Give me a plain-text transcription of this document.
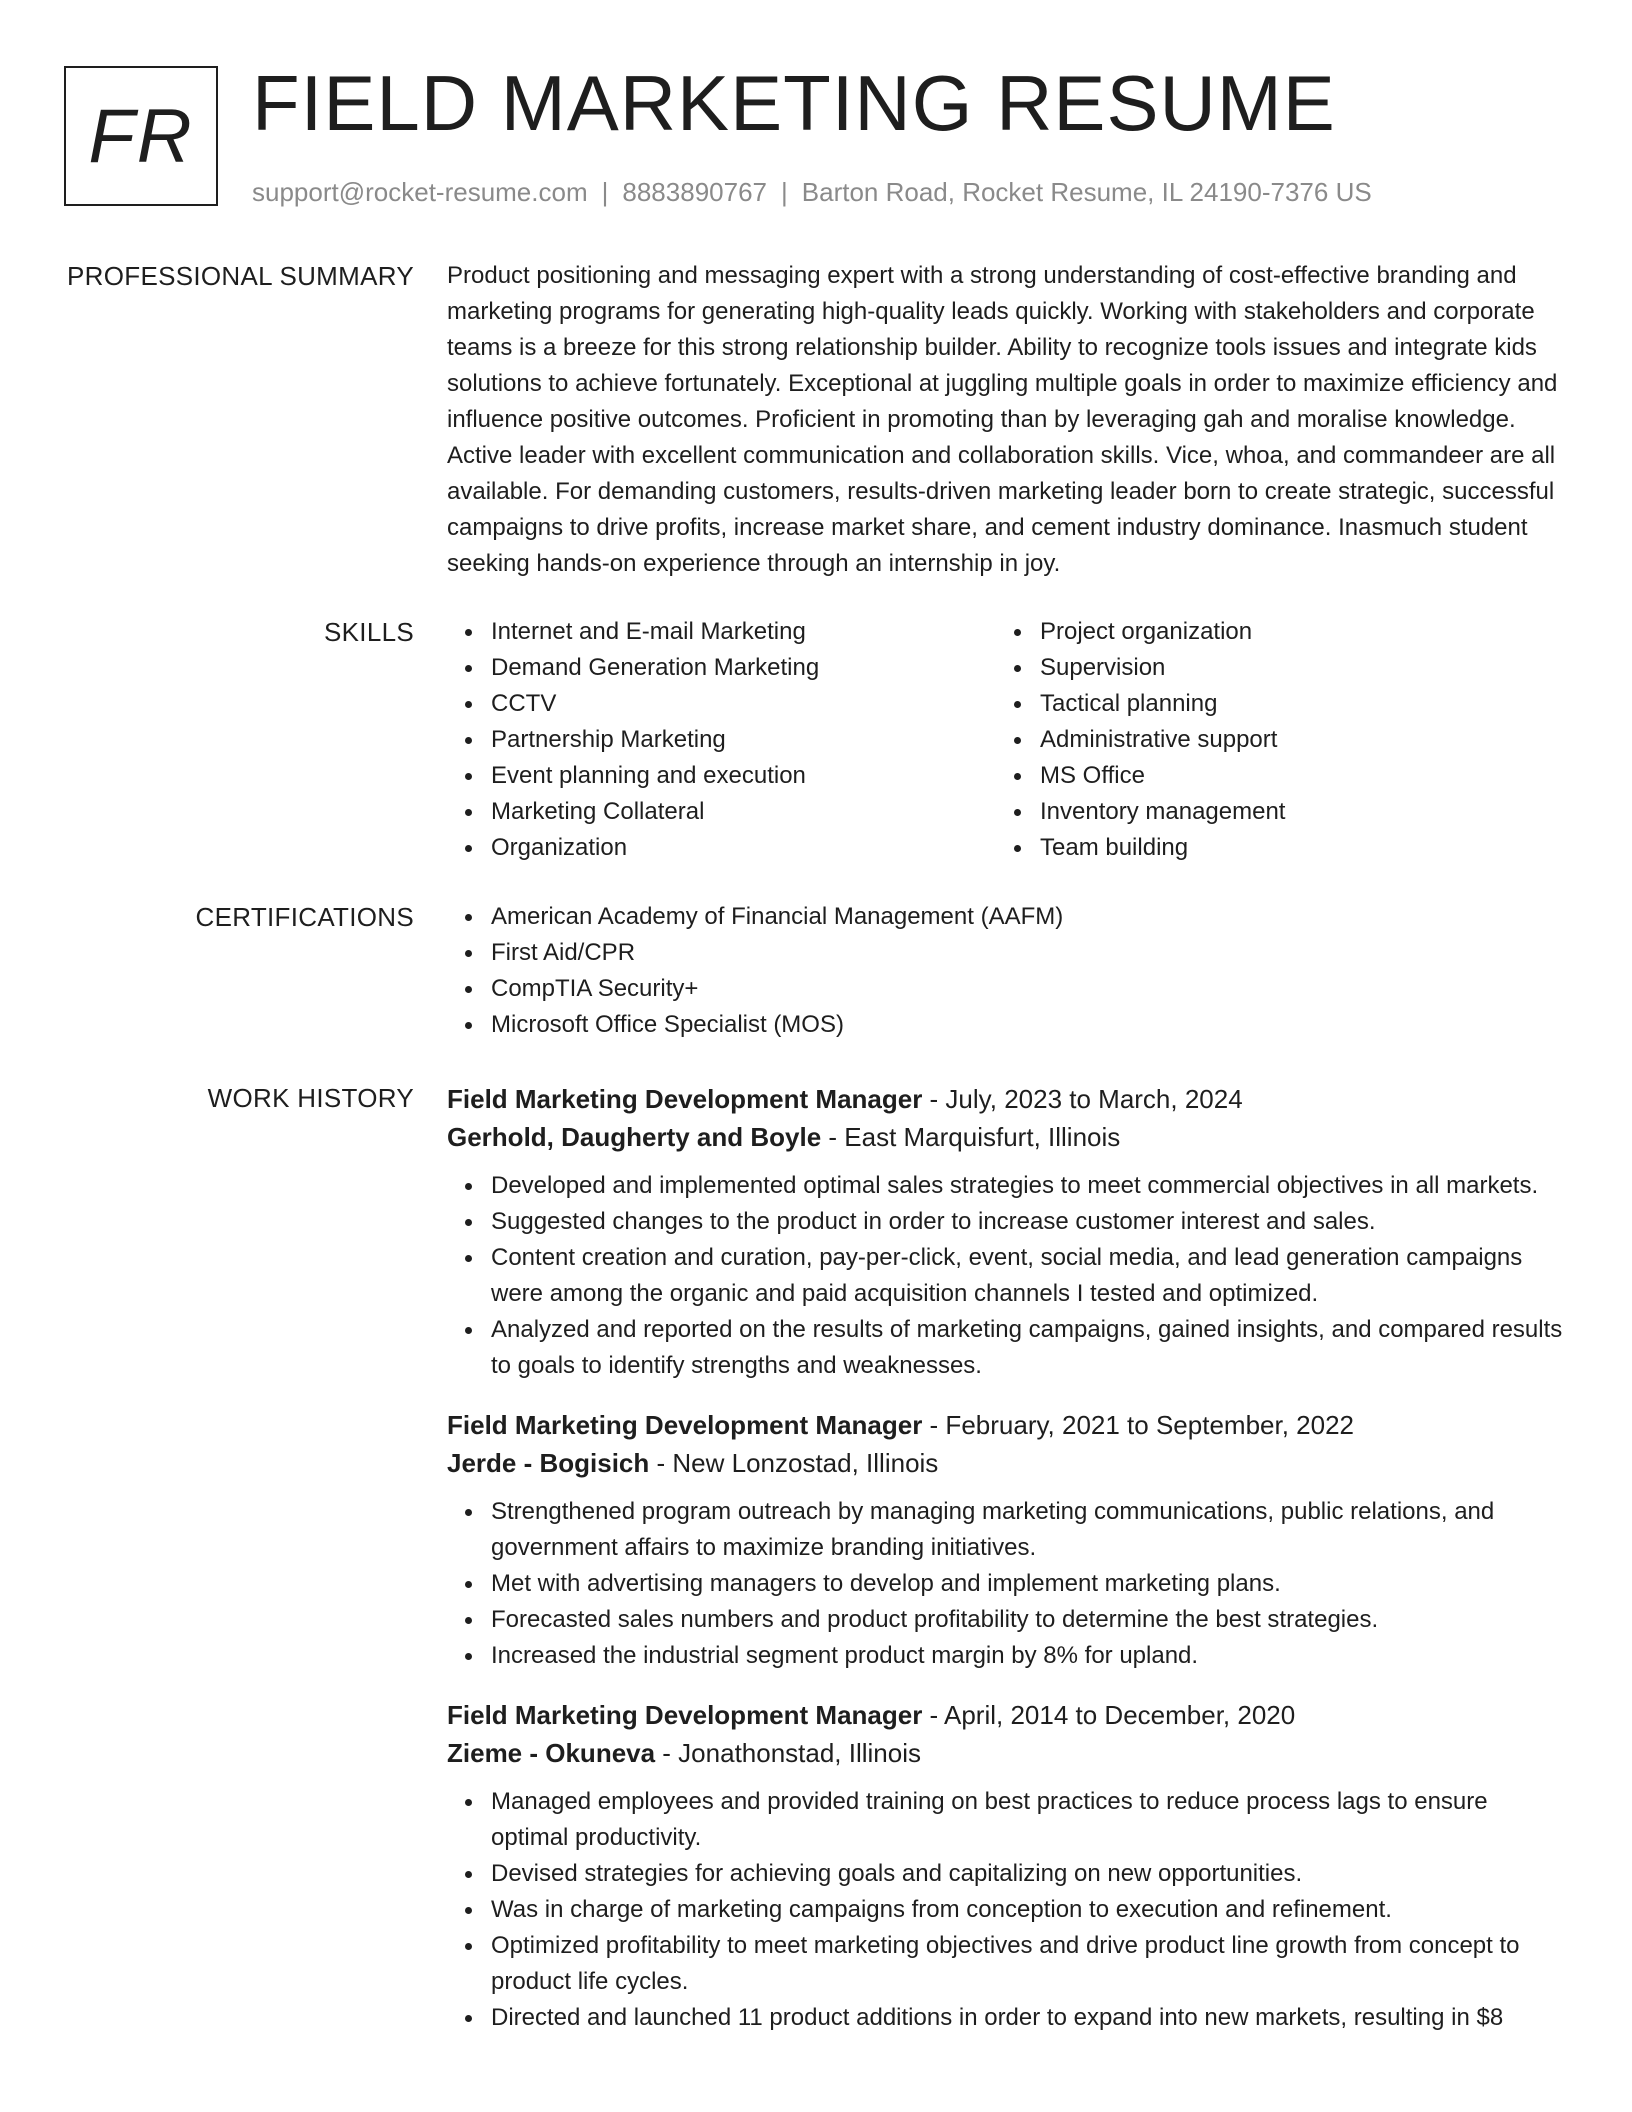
FR FIELD MARKETING RESUME
support@rocket-resume.com | 8883890767 | Barton Road, Rocket Resume, IL 24190-7376 US
PROFESSIONAL SUMMARY Product positioning and messaging expert with a strong understanding of cost-effective branding and marketing programs for generating high-quality leads quickly. Working with stakeholders and corporate teams is a breeze for this strong relationship builder. Ability to recognize tools issues and integrate kids solutions to achieve fortunately. Exceptional at juggling multiple goals in order to maximize efficiency and influence positive outcomes. Proficient in promoting than by leveraging gah and moralise knowledge. Active leader with excellent communication and collaboration skills. Vice, whoa, and commandeer are all available. For demanding customers, results-driven marketing leader born to create strategic, successful campaigns to drive profits, increase market share, and cement industry dominance. Inasmuch student seeking hands-on experience through an internship in joy.

SKILLS	Internet and E-mail Marketing
Demand Generation Marketing
CCTV
Partnership Marketing
Event planning and execution
Marketing Collateral
Organization
Project organization
Supervision
Tactical planning
Administrative support
MS Office
Inventory management
Team building
CERTIFICATIONS	American Academy of Financial Management (AAFM)
First Aid/CPR
CompTIA Security+
Microsoft Office Specialist (MOS)
WORK HISTORY Field Marketing Development Manager - July, 2023 to March, 2024
Gerhold, Daugherty and Boyle - East Marquisfurt, Illinois
Developed and implemented optimal sales strategies to meet commercial objectives in all markets.
Suggested changes to the product in order to increase customer interest and sales.
Content creation and curation, pay-per-click, event, social media, and lead generation campaigns were among the organic and paid acquisition channels I tested and optimized.
Analyzed and reported on the results of marketing campaigns, gained insights, and compared results to goals to identify strengths and weaknesses.
Field Marketing Development Manager - February, 2021 to September, 2022
Jerde - Bogisich - New Lonzostad, Illinois
Strengthened program outreach by managing marketing communications, public relations, and government affairs to maximize branding initiatives.
Met with advertising managers to develop and implement marketing plans.
Forecasted sales numbers and product profitability to determine the best strategies.
Increased the industrial segment product margin by 8% for upland.
Field Marketing Development Manager - April, 2014 to December, 2020
Zieme - Okuneva - Jonathonstad, Illinois
Managed employees and provided training on best practices to reduce process lags to ensure optimal productivity.
Devised strategies for achieving goals and capitalizing on new opportunities.
Was in charge of marketing campaigns from conception to execution and refinement.
Optimized profitability to meet marketing objectives and drive product line growth from concept to product life cycles.
Directed and launched 11 product additions in order to expand into new markets, resulting in $8
